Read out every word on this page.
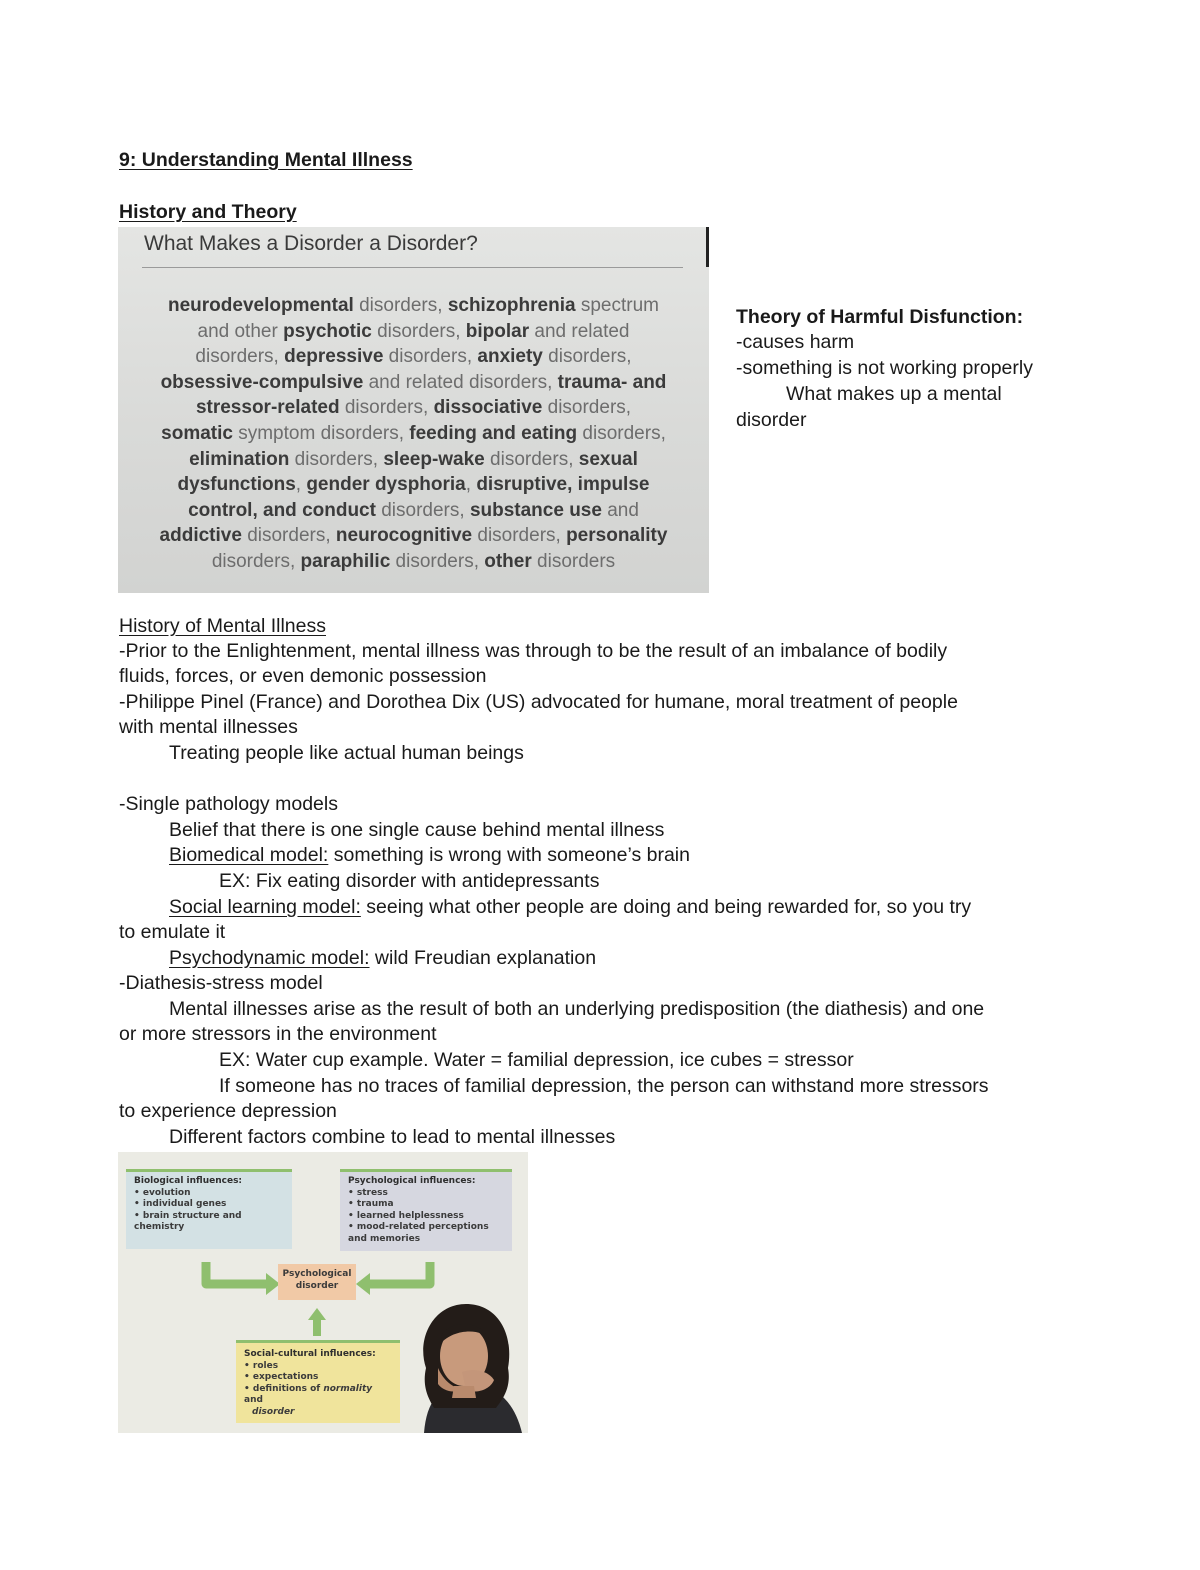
9: Understanding Mental Illness
History and Theory
What Makes a Disorder a Disorder?
neurodevelopmental disorders, schizophrenia spectrum
and other psychotic disorders, bipolar and related
disorders, depressive disorders, anxiety disorders,
obsessive-compulsive and related disorders, trauma- and
stressor-related disorders, dissociative disorders,
somatic symptom disorders, feeding and eating disorders,
elimination disorders, sleep-wake disorders, sexual
dysfunctions, gender dysphoria, disruptive, impulse
control, and conduct disorders, substance use and
addictive disorders, neurocognitive disorders, personality
disorders, paraphilic disorders, other disorders
Theory of Harmful Disfunction:
-causes harm
-something is not working properly
What makes up a mental
disorder
History of Mental Illness
-Prior to the Enlightenment, mental illness was through to be the result of an imbalance of bodily
fluids, forces, or even demonic possession
-Philippe Pinel (France) and Dorothea Dix (US) advocated for humane, moral treatment of people
with mental illnesses
Treating people like actual human beings
-Single pathology models
Belief that there is one single cause behind mental illness
Biomedical model: something is wrong with someone’s brain
EX: Fix eating disorder with antidepressants
Social learning model: seeing what other people are doing and being rewarded for, so you try
to emulate it
Psychodynamic model: wild Freudian explanation
-Diathesis-stress model
Mental illnesses arise as the result of both an underlying predisposition (the diathesis) and one
or more stressors in the environment
EX: Water cup example. Water = familial depression, ice cubes = stressor
If someone has no traces of familial depression, the person can withstand more stressors
to experience depression
Different factors combine to lead to mental illnesses
Biological influences:
• evolution
• individual genes
• brain structure and chemistry
Psychological influences:
• stress
• trauma
• learned helplessness
• mood-related perceptions and memories
Psychological
disorder
Social-cultural influences:
• roles
• expectations
• definitions of normality and
disorder
